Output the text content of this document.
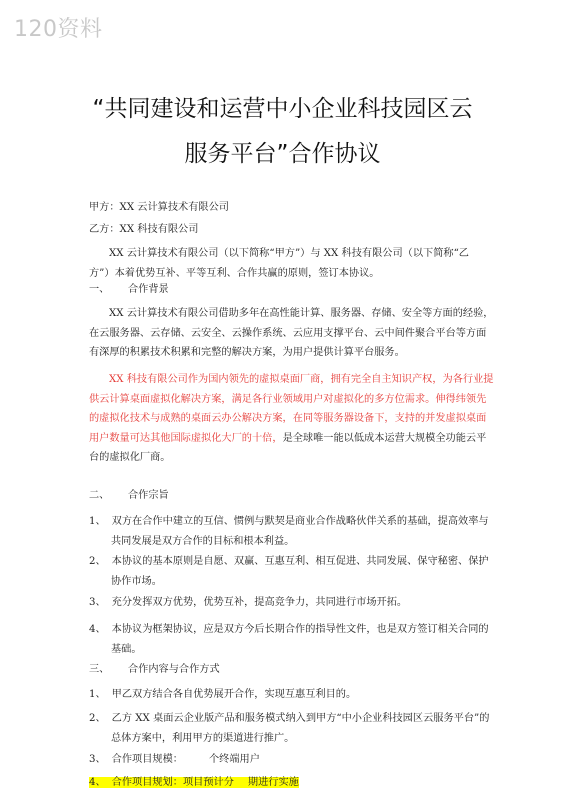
120资料
“共同建设和运营中小企业科技园区云
服务平台”合作协议
甲方：XX 云计算技术有限公司
乙方：XX 科技有限公司
XX 云计算技术有限公司（以下简称“甲方”）与 XX 科技有限公司（以下简称“乙
方”）本着优势互补、平等互利、合作共赢的原则，签订本协议。
一、 合作背景
XX 云计算技术有限公司借助多年在高性能计算、服务器、存储、安全等方面的经验，
在云服务器、云存储、云安全、云操作系统、云应用支撑平台、云中间件聚合平台等方面
有深厚的积累技术积累和完整的解决方案，为用户提供计算平台服务。
XX 科技有限公司作为国内领先的虚拟桌面厂商，拥有完全自主知识产权，为各行业提
供云计算桌面虚拟化解决方案，满足各行业领域用户对虚拟化的多方位需求。伸得纬领先
的虚拟化技术与成熟的桌面云办公解决方案，在同等服务器设备下，支持的并发虚拟桌面
用户数量可达其他国际虚拟化大厂的十倍，是全球唯一能以低成本运营大规模全功能云平
台的虚拟化厂商。
二、 合作宗旨
1、 双方在合作中建立的互信、惯例与默契是商业合作战略伙伴关系的基础，提高效率与
共同发展是双方合作的目标和根本利益。
2、 本协议的基本原则是自愿、双赢、互惠互利、相互促进、共同发展、保守秘密、保护
协作市场。
3、 充分发挥双方优势，优势互补，提高竞争力，共同进行市场开拓。
4、 本协议为框架协议，应是双方今后长期合作的指导性文件，也是双方签订相关合同的
基础。
三、 合作内容与合作方式
1、 甲乙双方结合各自优势展开合作，实现互惠互利目的。
2、 乙方 XX 桌面云企业版产品和服务模式纳入到甲方“中小企业科技园区云服务平台”的
总体方案中，利用甲方的渠道进行推广。
3、 合作项目规模：	个终端用户
4、 合作项目规划：项目预计分 期进行实施
